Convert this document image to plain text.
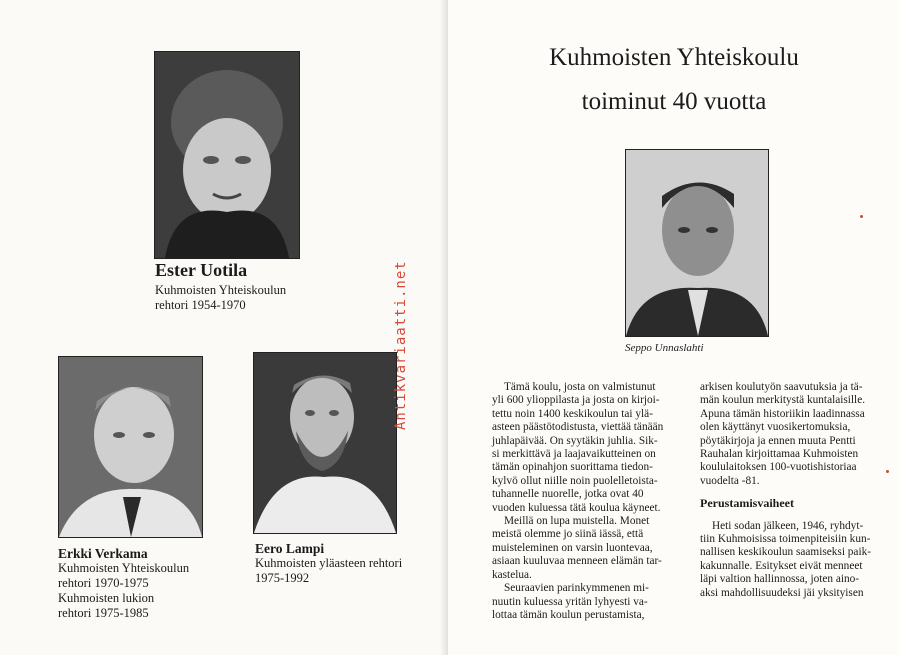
Ester Uotila
Kuhmoisten Yhteiskoulun
rehtori 1954-1970
Erkki Verkama
Kuhmoisten Yhteiskoulun
rehtori 1970-1975
Kuhmoisten lukion
rehtori 1975-1985
Eero Lampi
Kuhmoisten yläasteen rehtori
1975-1992
Antikvariaatti.net
Kuhmoisten Yhteiskoulu
toiminut 40 vuotta
Seppo Unnaslahti
Tämä koulu, josta on valmistunut
yli 600 ylioppilasta ja josta on kirjoi-
tettu noin 1400 keskikoulun tai ylä-
asteen päästötodistusta, viettää tänään
juhlapäivää. On syytäkin juhlia. Sik-
si merkittävä ja laajavaikutteinen on
tämän opinahjon suorittama tiedon-
kylvö ollut niille noin puolelletoista-
tuhannelle nuorelle, jotka ovat 40
vuoden kuluessa tätä koulua käyneet.
Meillä on lupa muistella. Monet
meistä olemme jo siinä iässä, että
muisteleminen on varsin luontevaa,
asiaan kuuluvaa menneen elämän tar-
kastelua.
Seuraavien parinkymmenen mi-
nuutin kuluessa yritän lyhyesti va-
lottaa tämän koulun perustamista,
arkisen koulutyön saavutuksia ja tä-
män koulun merkitystä kuntalaisille.
Apuna tämän historiikin laadinnassa
olen käyttänyt vuosikertomuksia,
pöytäkirjoja ja ennen muuta Pentti
Rauhalan kirjoittamaa Kuhmoisten
koululaitoksen 100-vuotishistoriaa
vuodelta -81.

Perustamisvaiheet

Heti sodan jälkeen, 1946, ryhdyt-
tiin Kuhmoisissa toimenpiteisiin kun-
nallisen keskikoulun saamiseksi paik-
kakunnalle. Esitykset eivät menneet
läpi valtion hallinnossa, joten aino-
aksi mahdollisuudeksi jäi yksityisen
